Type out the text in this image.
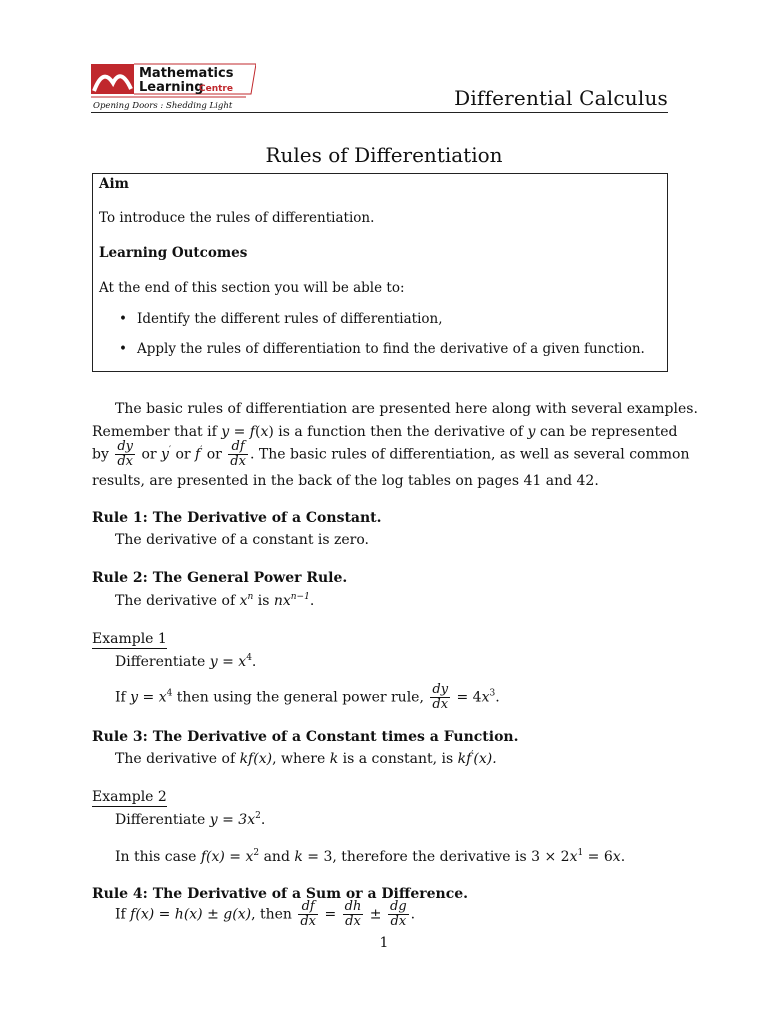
Mathematics
Learning
Centre
Opening Doors : Shedding Light	Differential Calculus
Rules of Differentiation
Aim
To introduce the rules of differentiation.
Learning Outcomes
At the end of this section you will be able to:
• Identify the different rules of differentiation,
• Apply the rules of differentiation to find the derivative of a given function.
The basic rules of differentiation are presented here along with several examples.
Remember that if y = f(x) is a function then the derivative of y can be represented
by $\frac{dy}{dx}$ or y′ or f′ or $\frac{df}{dx}$ . The basic rules of differentiation, as well as several common
results, are presented in the back of the log tables on pages 41 and 42.
Rule 1: The Derivative of a Constant.
The derivative of a constant is zero.
Rule 2: The General Power Rule.
The derivative of $x^n$ is $nx^{n-1}$.
Example 1
Differentiate $y = x^4$.
If $y = x^4$ then using the general power rule, $\frac{dy}{dx} = 4x^3$.
Rule 3: The Derivative of a Constant times a Function.
The derivative of kf(x), where k is a constant, is kf′(x).
Example 2
Differentiate $y = 3x^2$.
In this case $f(x) = x^2$ and k = 3, therefore the derivative is $3 \times 2x^1 = 6x$.
Rule 4: The Derivative of a Sum or a Difference.
If f(x) = h(x) ± g(x), then $\frac{df}{dx} = \frac{dh}{dx} \pm \frac{dg}{dx}$ .
1
